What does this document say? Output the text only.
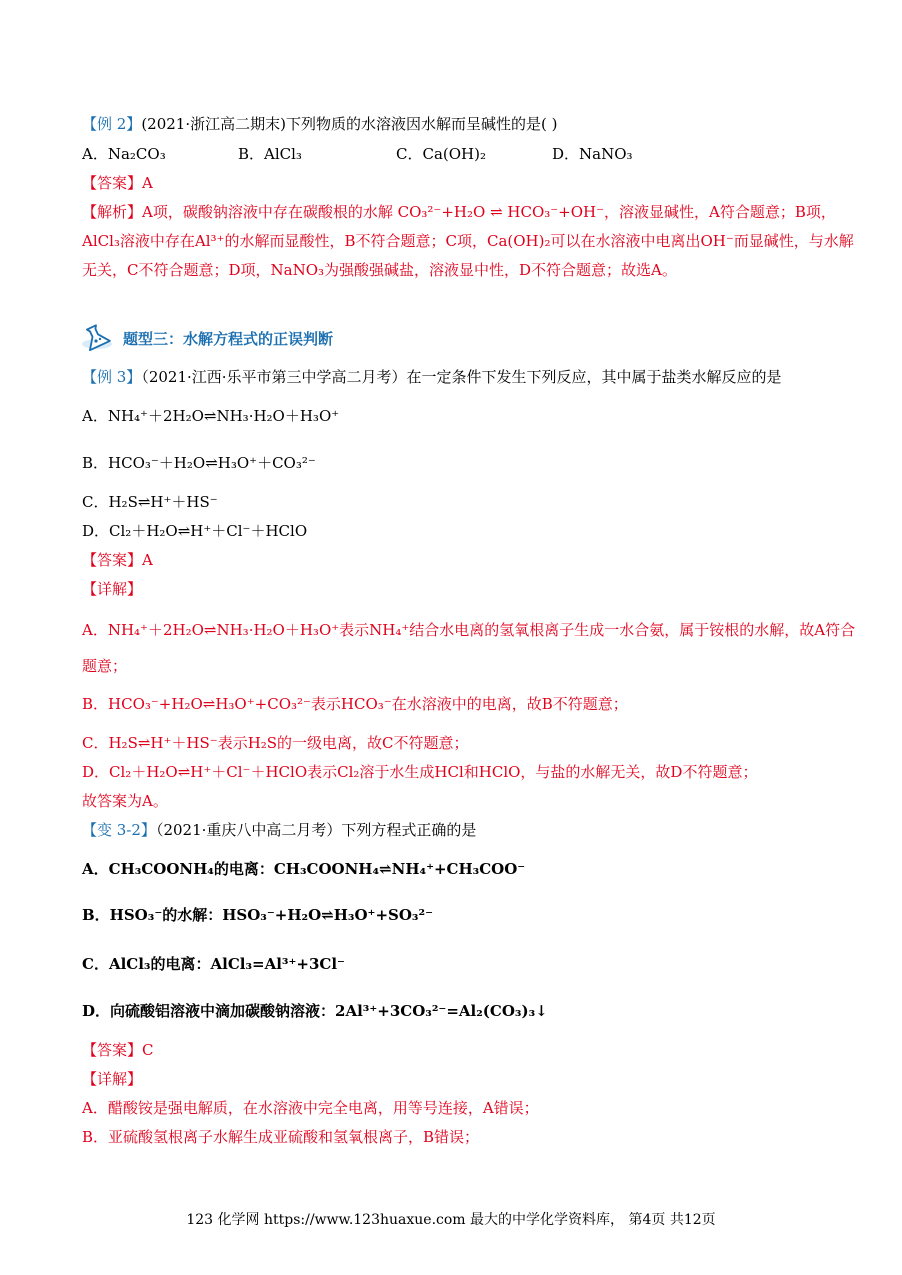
【例 2】(2021·浙江高二期末)下列物质的水溶液因水解而呈碱性的是( )
A．Na₂CO₃	B．AlCl₃	C．Ca(OH)₂	D．NaNO₃
【答案】A
【解析】A项，碳酸钠溶液中存在碳酸根的水解 CO₃²⁻+H₂O ⇌ HCO₃⁻+OH⁻，溶液显碱性，A符合题意；B项，AlCl₃溶液中存在Al³⁺的水解而显酸性，B不符合题意；C项，Ca(OH)₂可以在水溶液中电离出OH⁻而显碱性，与水解无关，C不符合题意；D项，NaNO₃为强酸强碱盐，溶液显中性，D不符合题意；故选A。
题型三：水解方程式的正误判断
【例 3】（2021·江西·乐平市第三中学高二月考）在一定条件下发生下列反应，其中属于盐类水解反应的是
A．NH₄⁺＋2H₂O⇌NH₃·H₂O＋H₃O⁺
B．HCO₃⁻＋H₂O⇌H₃O⁺＋CO₃²⁻
C．H₂S⇌H⁺＋HS⁻
D．Cl₂＋H₂O⇌H⁺＋Cl⁻＋HClO
【答案】A
【详解】
A．NH₄⁺＋2H₂O⇌NH₃·H₂O＋H₃O⁺表示NH₄⁺结合水电离的氢氧根离子生成一水合氨，属于铵根的水解，故A符合题意；
B．HCO₃⁻+H₂O⇌H₃O⁺+CO₃²⁻表示HCO₃⁻在水溶液中的电离，故B不符题意；
C．H₂S⇌H⁺＋HS⁻表示H₂S的一级电离，故C不符题意；
D．Cl₂＋H₂O⇌H⁺＋Cl⁻＋HClO表示Cl₂溶于水生成HCl和HClO，与盐的水解无关，故D不符题意；
故答案为A。
【变 3-2】（2021·重庆八中高二月考）下列方程式正确的是
A．CH₃COONH₄的电离：CH₃COONH₄⇌NH₄⁺+CH₃COO⁻
B．HSO₃⁻的水解：HSO₃⁻+H₂O⇌H₃O⁺+SO₃²⁻
C．AlCl₃的电离：AlCl₃=Al³⁺+3Cl⁻
D．向硫酸铝溶液中滴加碳酸钠溶液：2Al³⁺+3CO₃²⁻=Al₂(CO₃)₃↓
【答案】C
【详解】
A．醋酸铵是强电解质，在水溶液中完全电离，用等号连接，A错误；
B．亚硫酸氢根离子水解生成亚硫酸和氢氧根离子，B错误；
123 化学网 https://www.123huaxue.com 最大的中学化学资料库， 第4页 共12页
